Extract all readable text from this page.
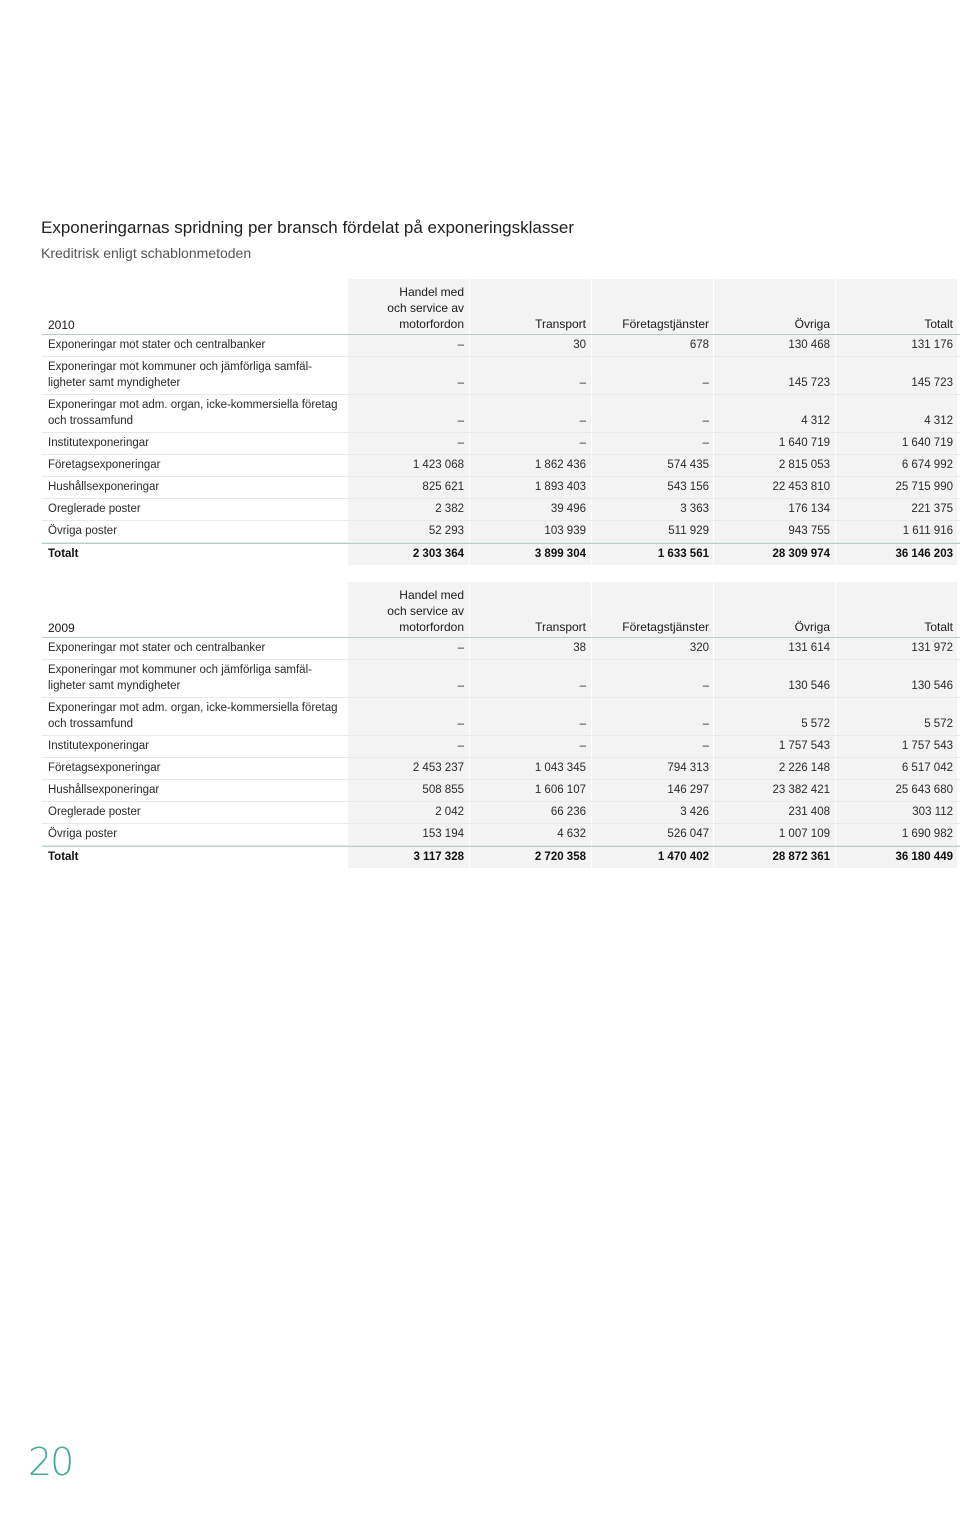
Exponeringarnas spridning per bransch fördelat på exponeringsklasser
Kreditrisk enligt schablonmetoden
2010
Handel med
och service av
motorfordon	Transport	Företagstjänster	Övriga	Totalt
Exponeringar mot stater och centralbanker	–	30	678	130 468	131 176
Exponeringar mot kommuner och jämförliga samfäl-
ligheter samt myndigheter	–	–	–	145 723	145 723
Exponeringar mot adm. organ, icke-kommersiella företag
och trossamfund	–	–	–	4 312	4 312
Institutexponeringar	–	–	–	1 640 719	1 640 719
Företagsexponeringar	1 423 068	1 862 436	574 435	2 815 053	6 674 992
Hushållsexponeringar	825 621	1 893 403	543 156	22 453 810	25 715 990
Oreglerade poster	2 382	39 496	3 363	176 134	221 375
Övriga poster	52 293	103 939	511 929	943 755	1 611 916
Totalt	2 303 364	3 899 304	1 633 561	28 309 974	36 146 203
2009
Handel med
och service av
motorfordon	Transport	Företagstjänster	Övriga	Totalt
Exponeringar mot stater och centralbanker	–	38	320	131 614	131 972
Exponeringar mot kommuner och jämförliga samfäl-
ligheter samt myndigheter	–	–	–	130 546	130 546
Exponeringar mot adm. organ, icke-kommersiella företag
och trossamfund	–	–	–	5 572	5 572
Institutexponeringar	–	–	–	1 757 543	1 757 543
Företagsexponeringar	2 453 237	1 043 345	794 313	2 226 148	6 517 042
Hushållsexponeringar	508 855	1 606 107	146 297	23 382 421	25 643 680
Oreglerade poster	2 042	66 236	3 426	231 408	303 112
Övriga poster	153 194	4 632	526 047	1 007 109	1 690 982
Totalt	3 117 328	2 720 358	1 470 402	28 872 361	36 180 449
20
